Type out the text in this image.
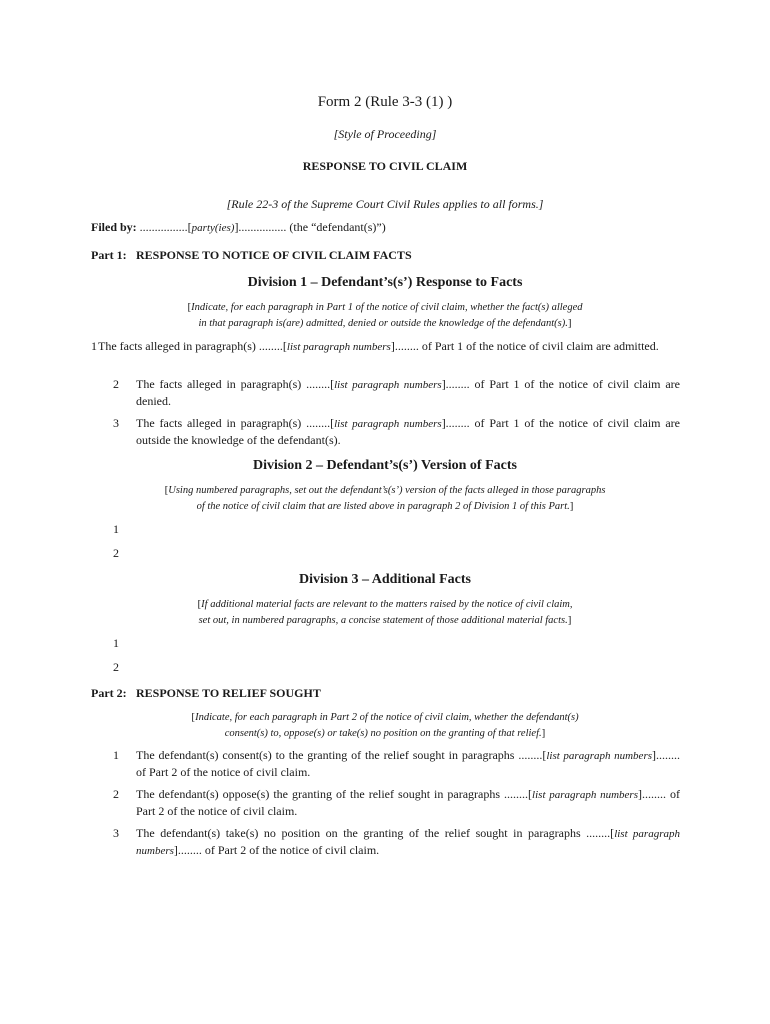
Form 2 (Rule 3-3 (1) )
[Style of Proceeding]
RESPONSE TO CIVIL CLAIM
[Rule 22-3 of the Supreme Court Civil Rules applies to all forms.]
Filed by: ................[party(ies)]................ (the “defendant(s)”)
Part 1: RESPONSE TO NOTICE OF CIVIL CLAIM FACTS
Division 1 – Defendant’s(s’) Response to Facts
[Indicate, for each paragraph in Part 1 of the notice of civil claim, whether the fact(s) alleged
in that paragraph is(are) admitted, denied or outside the knowledge of the defendant(s).]
1 The facts alleged in paragraph(s) ........[list paragraph numbers]........ of Part 1 of the notice of civil claim are admitted.
2 The facts alleged in paragraph(s) ........[list paragraph numbers]........ of Part 1 of the notice of civil claim are denied.
3 The facts alleged in paragraph(s) ........[list paragraph numbers]........ of Part 1 of the notice of civil claim are outside the knowledge of the defendant(s).
Division 2 – Defendant’s(s’) Version of Facts
[Using numbered paragraphs, set out the defendant’s(s’) version of the facts alleged in those paragraphs
of the notice of civil claim that are listed above in paragraph 2 of Division 1 of this Part.]
1
2
Division 3 – Additional Facts
[If additional material facts are relevant to the matters raised by the notice of civil claim,
set out, in numbered paragraphs, a concise statement of those additional material facts.]
1
2
Part 2: RESPONSE TO RELIEF SOUGHT
[Indicate, for each paragraph in Part 2 of the notice of civil claim, whether the defendant(s)
consent(s) to, oppose(s) or take(s) no position on the granting of that relief.]
1 The defendant(s) consent(s) to the granting of the relief sought in paragraphs ........[list paragraph numbers]........ of Part 2 of the notice of civil claim.
2 The defendant(s) oppose(s) the granting of the relief sought in paragraphs ........[list paragraph numbers]........ of Part 2 of the notice of civil claim.
3 The defendant(s) take(s) no position on the granting of the relief sought in paragraphs ........[list paragraph numbers]........ of Part 2 of the notice of civil claim.
